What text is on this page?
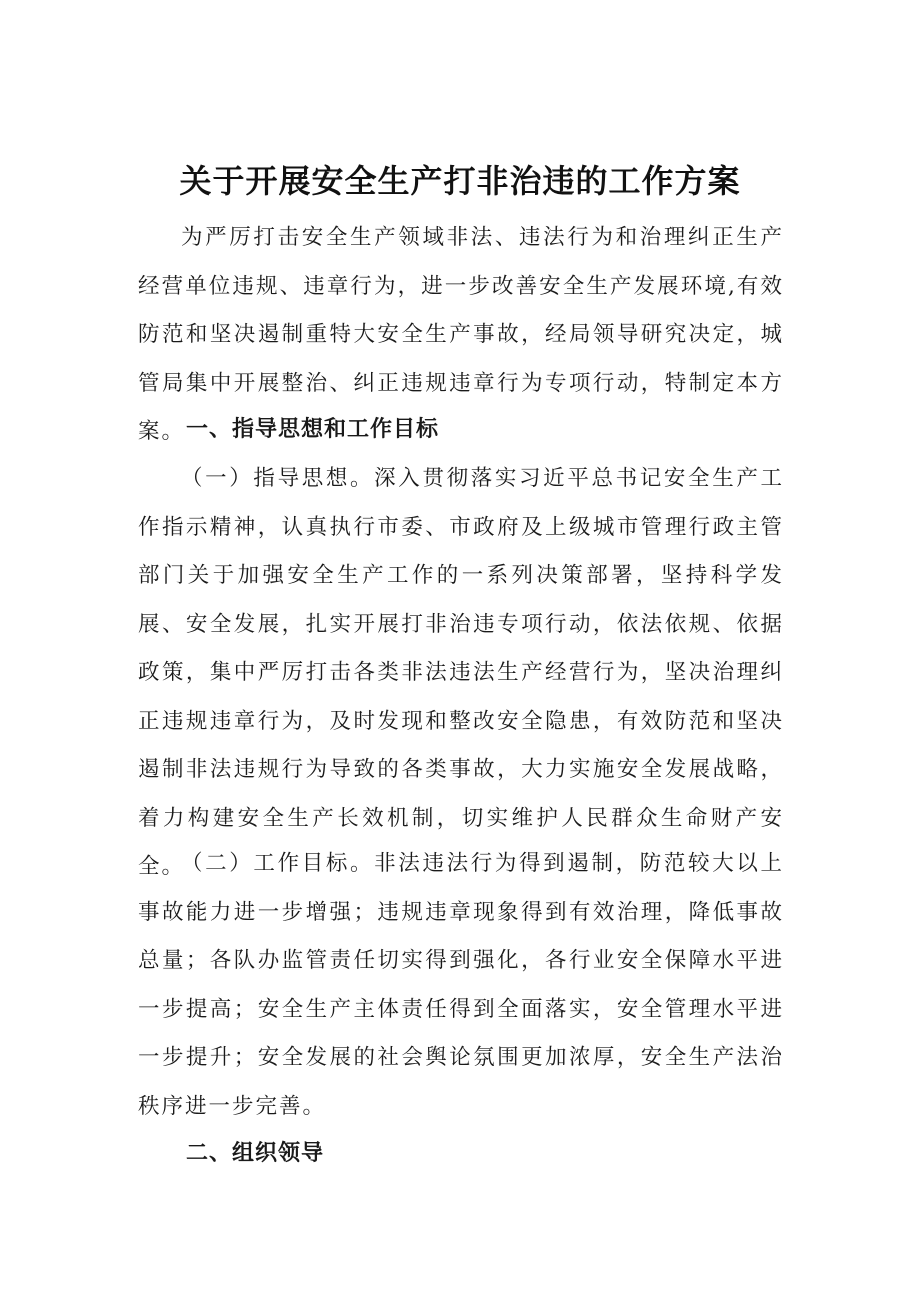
关于开展安全生产打非治违的工作方案

为严厉打击安全生产领域非法、违法行为和治理纠正生产经营单位违规、违章行为，进一步改善安全生产发展环境,有效防范和坚决遏制重特大安全生产事故，经局领导研究决定，城管局集中开展整治、纠正违规违章行为专项行动，特制定本方案。 一、指导思想和工作目标

（一）指导思想。深入贯彻落实习近平总书记安全生产工作指示精神，认真执行市委、市政府及上级城市管理行政主管部门关于加强安全生产工作的一系列决策部署，坚持科学发展、安全发展，扎实开展打非治违专项行动，依法依规、依据政策，集中严厉打击各类非法违法生产经营行为，坚决治理纠正违规违章行为，及时发现和整改安全隐患，有效防范和坚决遏制非法违规行为导致的各类事故，大力实施安全发展战略，着力构建安全生产长效机制，切实维护人民群众生命财产安全。

（二）工作目标。非法违法行为得到遏制，防范较大以上事故能力进一步增强；违规违章现象得到有效治理，降低事故总量；各队办监管责任切实得到强化，各行业安全保障水平进一步提高；安全生产主体责任得到全面落实，安全管理水平进一步提升；安全发展的社会舆论氛围更加浓厚，安全生产法治秩序进一步完善。

二、组织领导
